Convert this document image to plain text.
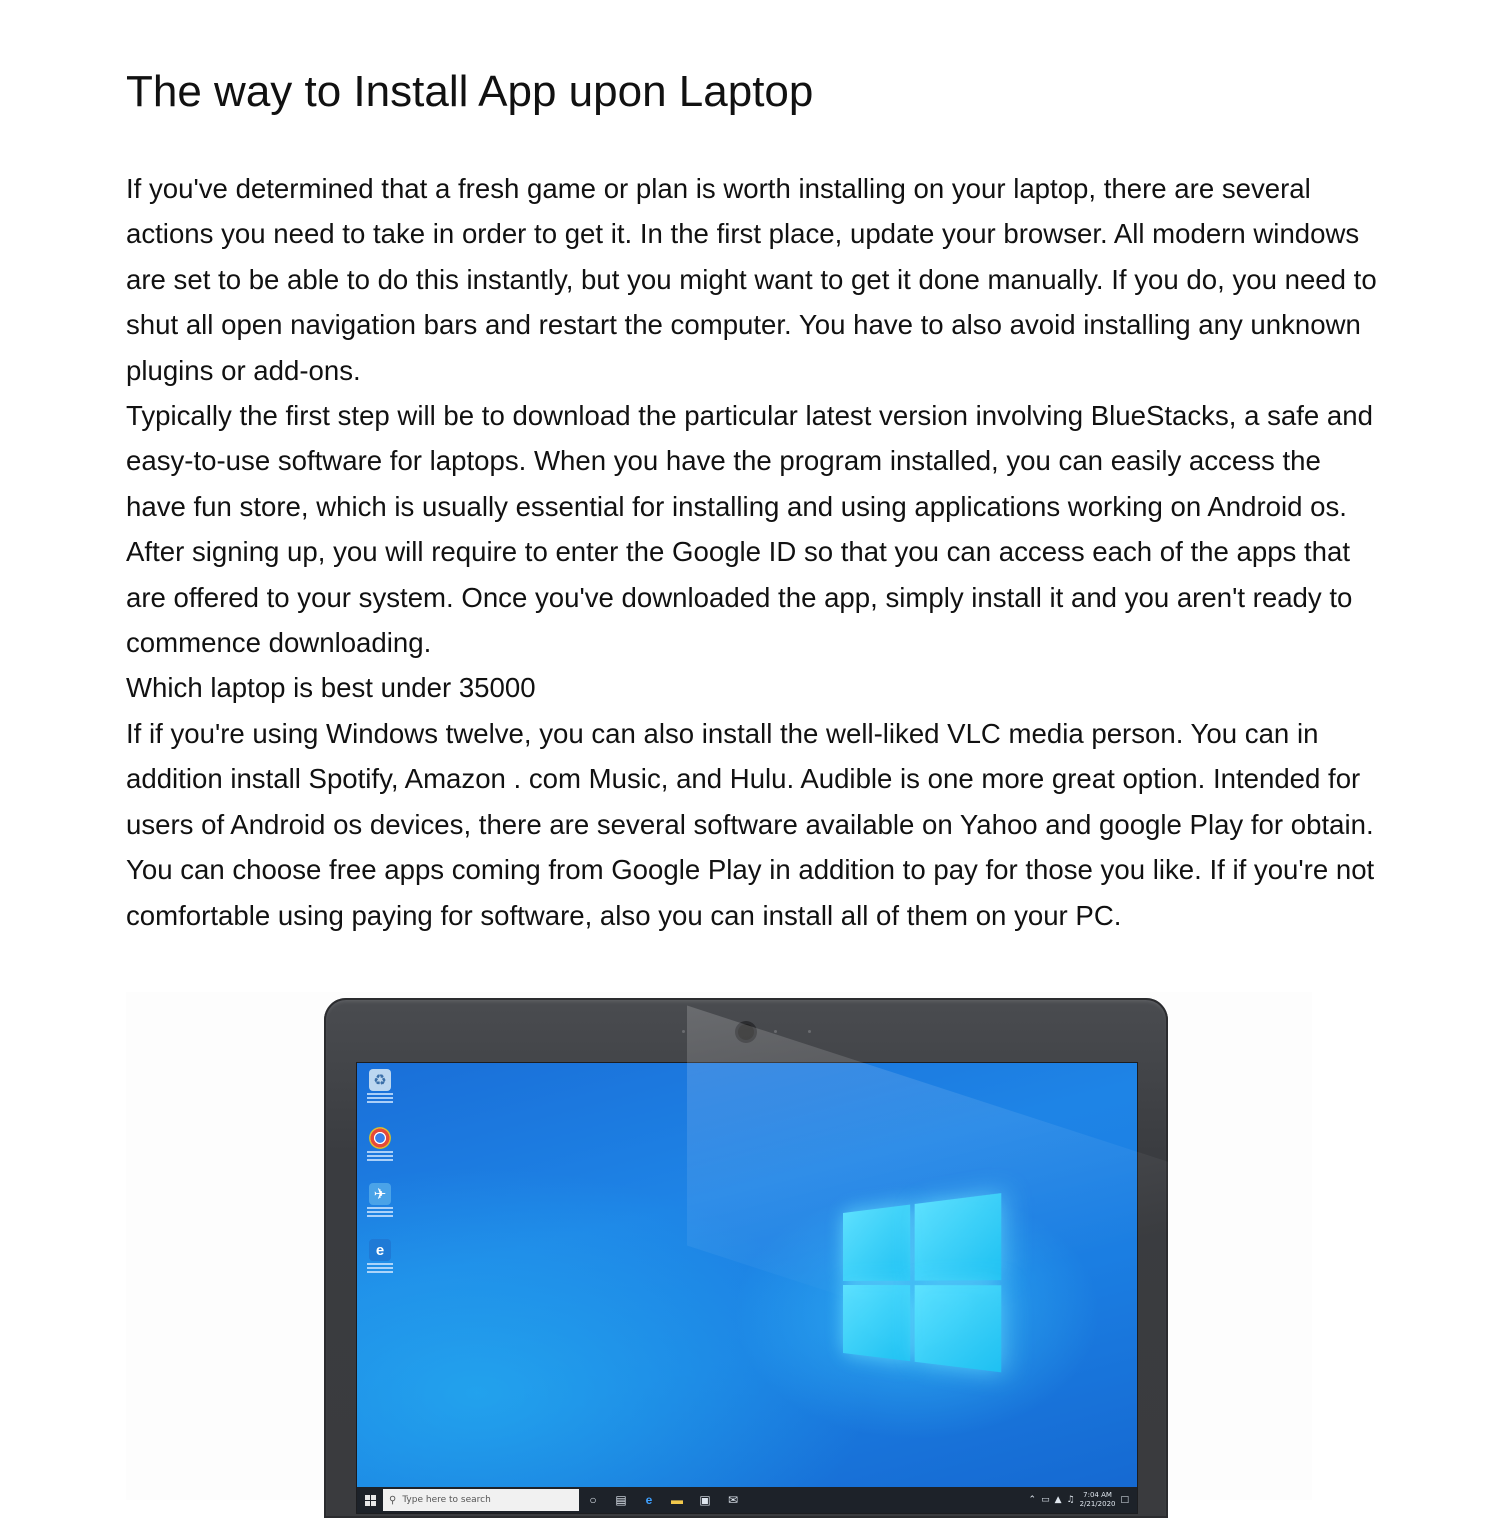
The way to Install App upon Laptop

If you've determined that a fresh game or plan is worth installing on your laptop, there are several actions you need to take in order to get it. In the first place, update your browser. All modern windows are set to be able to do this instantly, but you might want to get it done manually. If you do, you need to shut all open navigation bars and restart the computer. You have to also avoid installing any unknown plugins or add-ons.

Typically the first step will be to download the particular latest version involving BlueStacks, a safe and easy-to-use software for laptops. When you have the program installed, you can easily access the have fun store, which is usually essential for installing and using applications working on Android os. After signing up, you will require to enter the Google ID so that you can access each of the apps that are offered to your system. Once you've downloaded the app, simply install it and you aren't ready to commence downloading.

Which laptop is best under 35000

If if you're using Windows twelve, you can also install the well-liked VLC media person. You can in addition install Spotify, Amazon . com Music, and Hulu. Audible is one more great option. Intended for users of Android os devices, there are several software available on Yahoo and google Play for obtain. You can choose free apps coming from Google Play in addition to pay for those you like. If if you're not comfortable using paying for software, also you can install all of them on your PC.

♻
✈
e
⚲ Type here to search	○	▤	e	▬	▣	✉	⌃ ▭ ▲ ♫ 7:04 AM
2/21/2020 □
